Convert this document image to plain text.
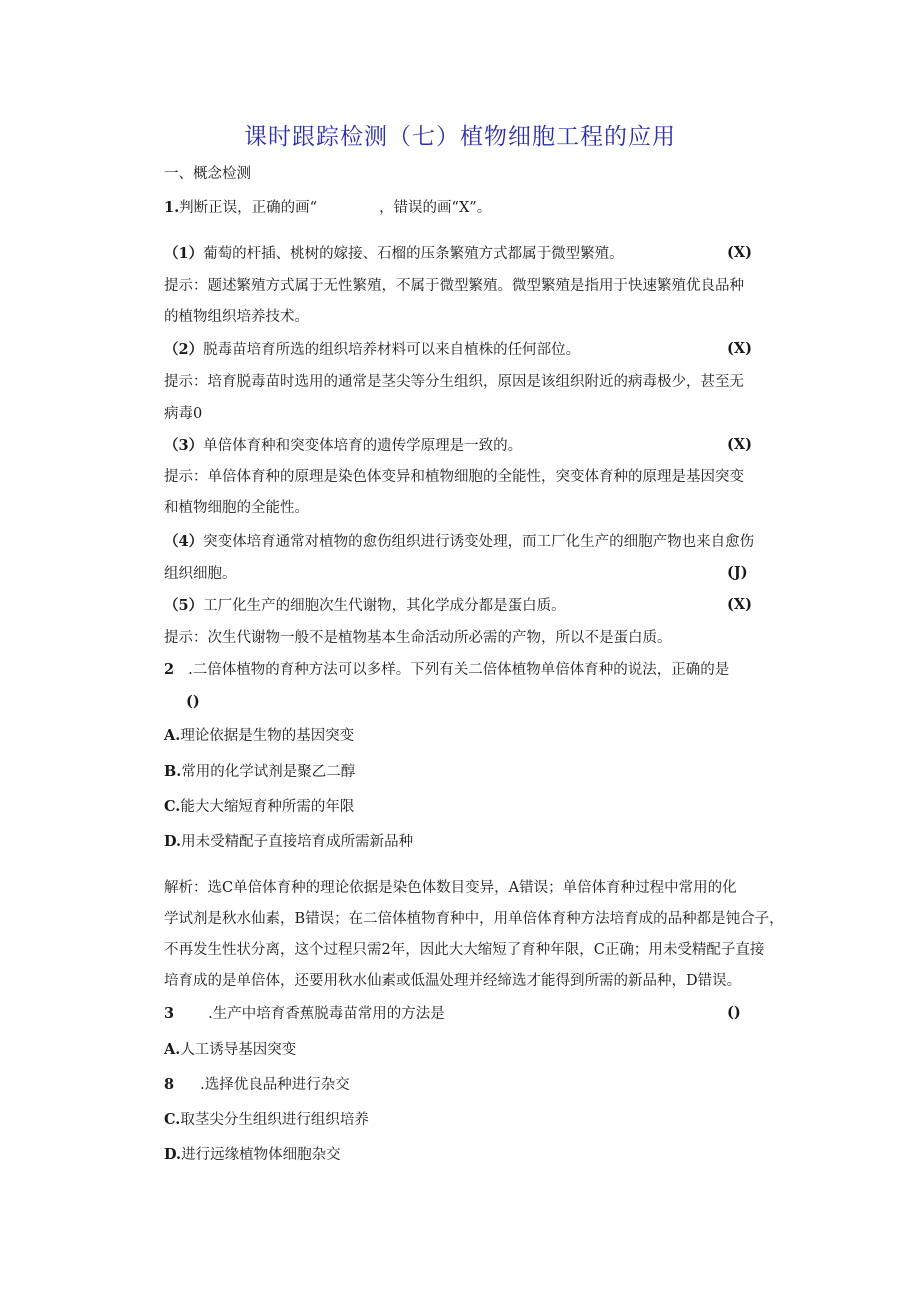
课时跟踪检测（七）植物细胞工程的应用
一、概念检测
1.判断正误，正确的画“	，错误的画“X”。
（1）葡萄的杆插、桃树的嫁接、石榴的压条繁殖方式都属于微型繁殖。	(X)
提示：题述繁殖方式属于无性繁殖，不属于微型繁殖。微型繁殖是指用于快速繁殖优良品种
的植物组织培养技术。
（2）脱毒苗培育所选的组织培养材料可以来自植株的任何部位。	(X)
提示：培育脱毒苗时选用的通常是茎尖等分生组织，原因是该组织附近的病毒极少，甚至无
病毒0
（3）单倍体育种和突变体培育的遗传学原理是一致的。	(X)
提示：单倍体育种的原理是染色体变异和植物细胞的全能性，突变体育种的原理是基因突变
和植物细胞的全能性。
（4）突变体培育通常对植物的愈伤组织进行诱变处理，而工厂化生产的细胞产物也来自愈伤
组织细胞。	(J)
（5）工厂化生产的细胞次生代谢物，其化学成分都是蛋白质。	(X)
提示：次生代谢物一般不是植物基本生命活动所必需的产物，所以不是蛋白质。
2 .二倍体植物的育种方法可以多样。下列有关二倍体植物单倍体育种的说法，正确的是
()
A.理论依据是生物的基因突变
B.常用的化学试剂是聚乙二醇
C.能大大缩短育种所需的年限
D.用未受精配子直接培育成所需新品种
解析：选C单倍体育种的理论依据是染色体数目变异，A错误；单倍体育种过程中常用的化
学试剂是秋水仙素，B错误；在二倍体植物育种中，用单倍体育种方法培育成的品种都是钝合子，
不再发生性状分离，这个过程只需2年，因此大大缩短了育种年限，C正确；用未受精配子直接
培育成的是单倍体，还要用秋水仙素或低温处理并经缔选才能得到所需的新品种，D错误。
3 .生产中培育香蕉脱毒苗常用的方法是	()
A.人工诱导基因突变
8 .选择优良品种进行杂交
C.取茎尖分生组织进行组织培养
D.进行远缘植物体细胞杂交
